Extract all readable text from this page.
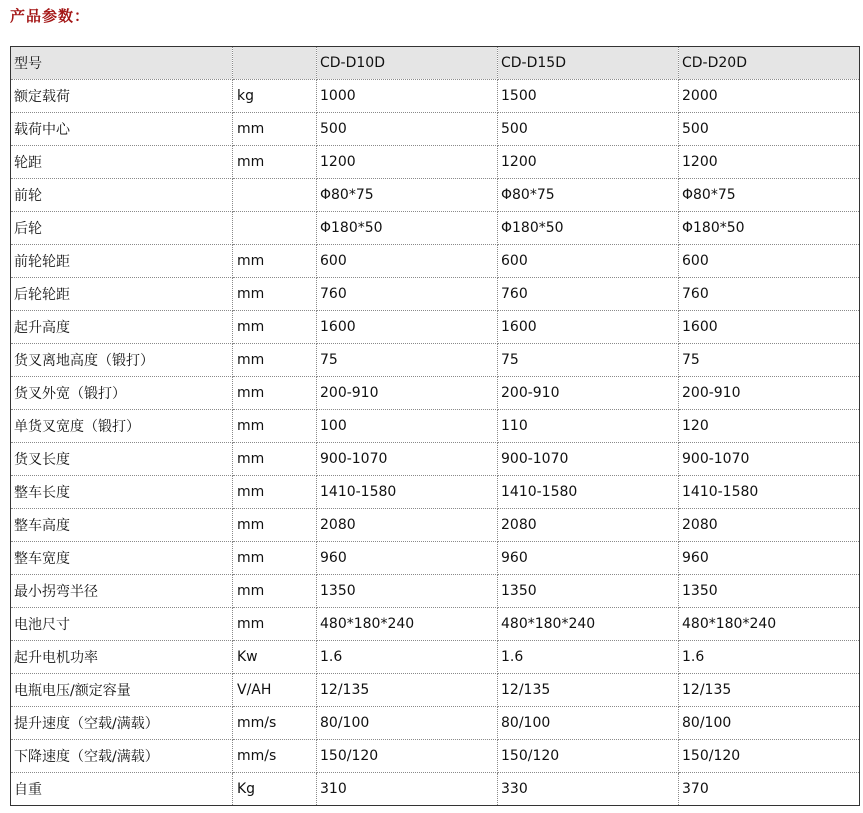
产品参数：
型号		CD-D10D	CD-D15D	CD-D20D
额定载荷	kg	1000	1500	2000
载荷中心	mm	500	500	500
轮距	mm	1200	1200	1200
前轮		Φ80*75	Φ80*75	Φ80*75
后轮		Φ180*50	Φ180*50	Φ180*50
前轮轮距	mm	600	600	600
后轮轮距	mm	760	760	760
起升高度	mm	1600	1600	1600
货叉离地高度（锻打）	mm	75	75	75
货叉外宽（锻打）	mm	200-910	200-910	200-910
单货叉宽度（锻打）	mm	100	110	120
货叉长度	mm	900-1070	900-1070	900-1070
整车长度	mm	1410-1580	1410-1580	1410-1580
整车高度	mm	2080	2080	2080
整车宽度	mm	960	960	960
最小拐弯半径	mm	1350	1350	1350
电池尺寸	mm	480*180*240	480*180*240	480*180*240
起升电机功率	Kw	1.6	1.6	1.6
电瓶电压/额定容量	V/AH	12/135	12/135	12/135
提升速度（空载/满载）	mm/s	80/100	80/100	80/100
下降速度（空载/满载）	mm/s	150/120	150/120	150/120
自重	Kg	310	330	370
